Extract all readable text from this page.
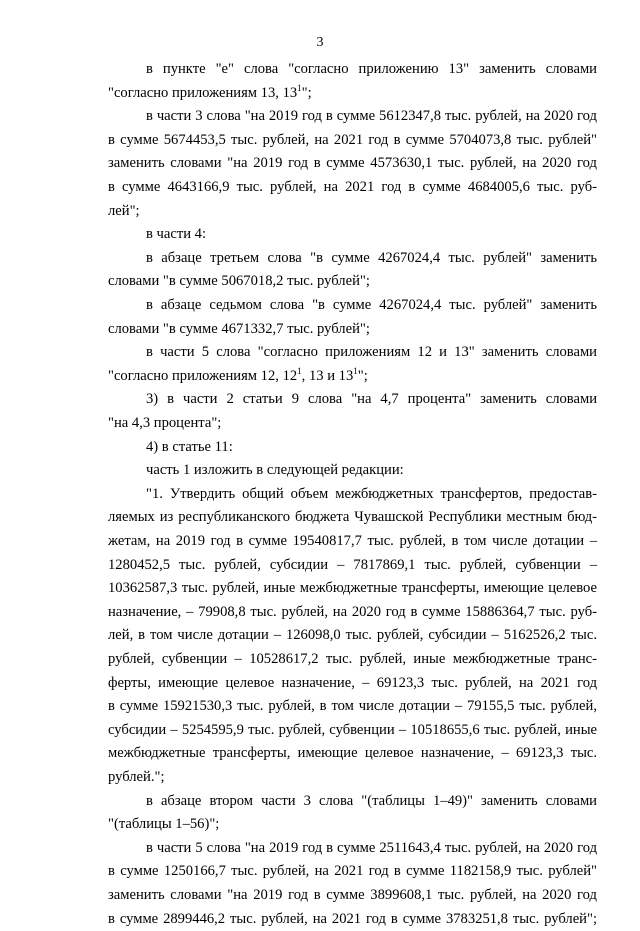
3
в пункте "е" слова "согласно приложению 13" заменить словами
"согласно приложениям 13, $13^1$";
в части 3 слова "на 2019 год в сумме 5612347,8 тыс. рублей, на 2020 год
в сумме 5674453,5 тыс. рублей, на 2021 год в сумме 5704073,8 тыс. рублей"
заменить словами "на 2019 год в сумме 4573630,1 тыс. рублей, на 2020 год
в сумме 4643166,9 тыс. рублей, на 2021 год в сумме 4684005,6 тыс. руб-
лей";
в части 4:
в абзаце третьем слова "в сумме 4267024,4 тыс. рублей" заменить
словами "в сумме 5067018,2 тыс. рублей";
в абзаце седьмом слова "в сумме 4267024,4 тыс. рублей" заменить
словами "в сумме 4671332,7 тыс. рублей";
в части 5 слова "согласно приложениям 12 и 13" заменить словами
"согласно приложениям 12, $12^1$, 13 и $13^1$";
3) в части 2 статьи 9 слова "на 4,7 процента" заменить словами
"на 4,3 процента";
4) в статье 11:
часть 1 изложить в следующей редакции:
"1. Утвердить общий объем межбюджетных трансфертов, предостав-
ляемых из республиканского бюджета Чувашской Республики местным бюд-
жетам, на 2019 год в сумме 19540817,7 тыс. рублей, в том числе дотации –
1280452,5 тыс. рублей, субсидии – 7817869,1 тыс. рублей, субвенции –
10362587,3 тыс. рублей, иные межбюджетные трансферты, имеющие целевое
назначение, – 79908,8 тыс. рублей, на 2020 год в сумме 15886364,7 тыс. руб-
лей, в том числе дотации – 126098,0 тыс. рублей, субсидии – 5162526,2 тыс.
рублей, субвенции – 10528617,2 тыс. рублей, иные межбюджетные транс-
ферты, имеющие целевое назначение, – 69123,3 тыс. рублей, на 2021 год
в сумме 15921530,3 тыс. рублей, в том числе дотации – 79155,5 тыс. рублей,
субсидии – 5254595,9 тыс. рублей, субвенции – 10518655,6 тыс. рублей, иные
межбюджетные трансферты, имеющие целевое назначение, – 69123,3 тыс.
рублей.";
в абзаце втором части 3 слова "(таблицы 1–49)" заменить словами
"(таблицы 1–56)";
в части 5 слова "на 2019 год в сумме 2511643,4 тыс. рублей, на 2020 год
в сумме 1250166,7 тыс. рублей, на 2021 год в сумме 1182158,9 тыс. рублей"
заменить словами "на 2019 год в сумме 3899608,1 тыс. рублей, на 2020 год
в сумме 2899446,2 тыс. рублей, на 2021 год в сумме 3783251,8 тыс. рублей";
